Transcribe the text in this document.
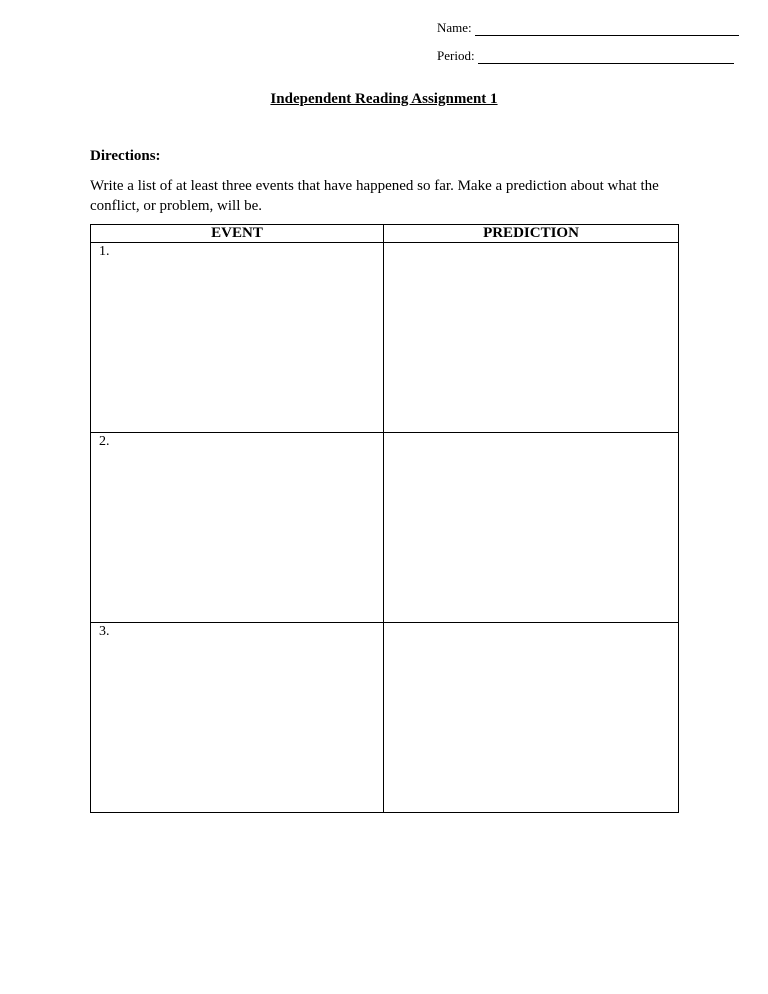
Name:
Period:
Independent Reading Assignment 1
Directions:
Write a list of at least three events that have happened so far. Make a prediction about what the conflict, or problem, will be.
EVENT	PREDICTION

1.	

2.	

3.	
